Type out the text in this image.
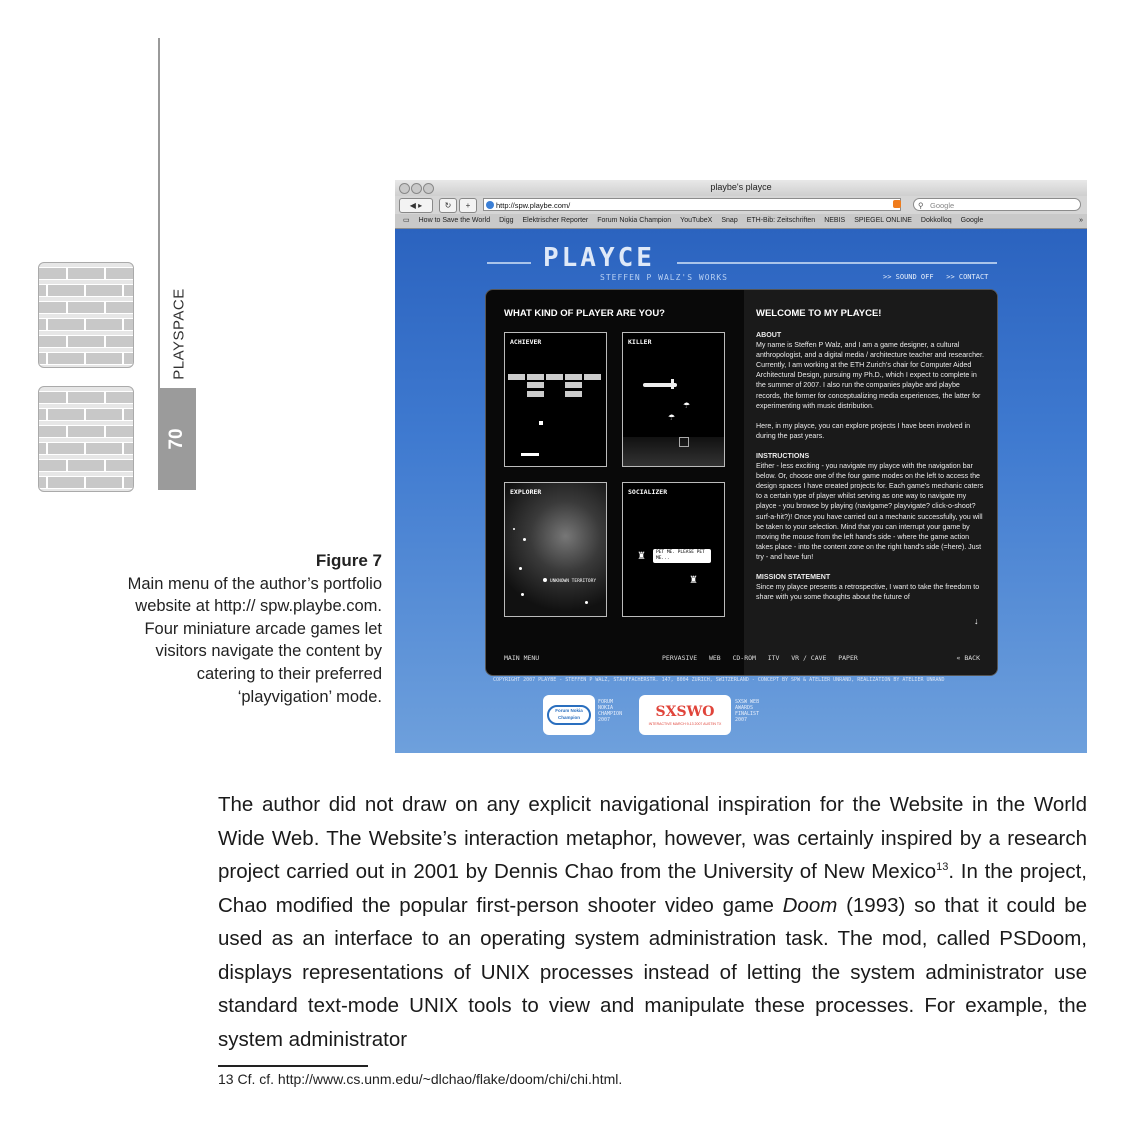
PLAYSPACE
70
Figure 7
Main menu of the author’s portfolio website at http:// spw.playbe.com. Four miniature arcade games let visitors navigate the content by catering to their preferred ‘playvigation’ mode.
playbe's playce
◀ ▸	↻	+	http://spw.playbe.com/	⚲ Google
▭ How to Save the World Digg Elektrischer Reporter Forum Nokia Champion YouTubeX Snap ETH-Bib: Zeitschriften NEBIS SPIEGEL ONLINE Dokkolloq Google	»
PLAYCE
STEFFEN P WALZ'S WORKS	>> SOUND OFF >> CONTACT
WHAT KIND OF PLAYER ARE YOU?
ACHIEVER	KILLER
☂
☂
EXPLORER
UNKNOWN TERRITORY
SOCIALIZER
PET ME. PLEASE PET ME...
♜
♜
WELCOME TO MY PLAYCE!

ABOUT
My name is Steffen P Walz, and I am a game designer, a cultural anthropologist, and a digital media / architecture teacher and researcher. Currently, I am working at the ETH Zurich's chair for Computer Aided Architectural Design, pursuing my Ph.D., which I expect to complete in the summer of 2007. I also run the companies playbe and playbe records, the former for conceptualizing media experiences, the latter for experimenting with music distribution.

Here, in my playce, you can explore projects I have been involved in during the past years.

INSTRUCTIONS
Either - less exciting - you navigate my playce with the navigation bar below. Or, choose one of the four game modes on the left to access the design spaces I have created projects for. Each game's mechanic caters to a certain type of player whilst serving as one way to navigate my playce - you browse by playing (navigame? playvigate? click-o-shoot? surf-a-hit?)! Once you have carried out a mechanic successfully, you will be taken to your selection. Mind that you can interrupt your game by moving the mouse from the left hand's side - where the game action takes place - into the content zone on the right hand's side (=here). Just try - and have fun!

MISSION STATEMENT
Since my playce presents a retrospective, I want to take the freedom to share with you some thoughts about the future of

↓
MAIN MENU	PERVASIVE WEB CD-ROM ITV VR / CAVE PAPER	« BACK
COPYRIGHT 2007 PLAYBE - STEFFEN P WALZ, STAUFFACHERSTR. 147, 8004 ZURICH, SWITZERLAND - CONCEPT BY SPW & ATELIER UNRAND, REALIZATION BY ATELIER UNRAND
Forum Nokia
Champion
FORUM
NOKIA
CHAMPION
2007	SXSWO
INTERACTIVE MARCH 9-13 2007 AUSTIN TX
SXSW WEB
AWARDS
FINALIST
2007

The author did not draw on any explicit navigational inspiration for the Website in the World Wide Web. The Website’s interaction metaphor, however, was certainly inspired by a research project carried out in 2001 by Dennis Chao from the University of New Mexico$^{13}$. In the project, Chao modified the popular first-person shooter video game Doom (1993) so that it could be used as an interface to an operating system administration task. The mod, called PSDoom, displays representations of UNIX processes instead of letting the system administrator use standard text-mode UNIX tools to view and manipulate these processes. For example, the system administrator

13 Cf. cf. http://www.cs.unm.edu/~dlchao/flake/doom/chi/chi.html.
